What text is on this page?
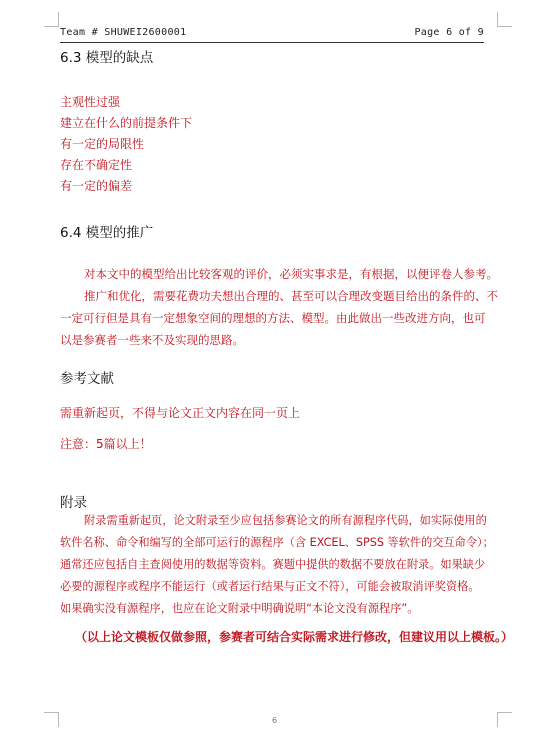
Team # SHUWEI2600001	Page 6 of 9
6.3 模型的缺点
主观性过强
建立在什么的前提条件下
有一定的局限性
存在不确定性
有一定的偏差
6.4 模型的推广
对本文中的模型给出比较客观的评价，必须实事求是，有根据，以便评卷人参考。
推广和优化，需要花费功夫想出合理的、甚至可以合理改变题目给出的条件的、不
一定可行但是具有一定想象空间的理想的方法、模型。由此做出一些改进方向，也可
以是参赛者一些来不及实现的思路。
参考文献
需重新起页，不得与论文正文内容在同一页上
注意：5篇以上！
附录
附录需重新起页，论文附录至少应包括参赛论文的所有源程序代码，如实际使用的
软件名称、命令和编写的全部可运行的源程序（含 EXCEL、SPSS 等软件的交互命令）；
通常还应包括自主查阅使用的数据等资料。赛题中提供的数据不要放在附录。如果缺少
必要的源程序或程序不能运行（或者运行结果与正文不符），可能会被取消评奖资格。
如果确实没有源程序，也应在论文附录中明确说明“本论文没有源程序”。
（以上论文模板仅做参照，参赛者可结合实际需求进行修改，但建议用以上模板。）
6
